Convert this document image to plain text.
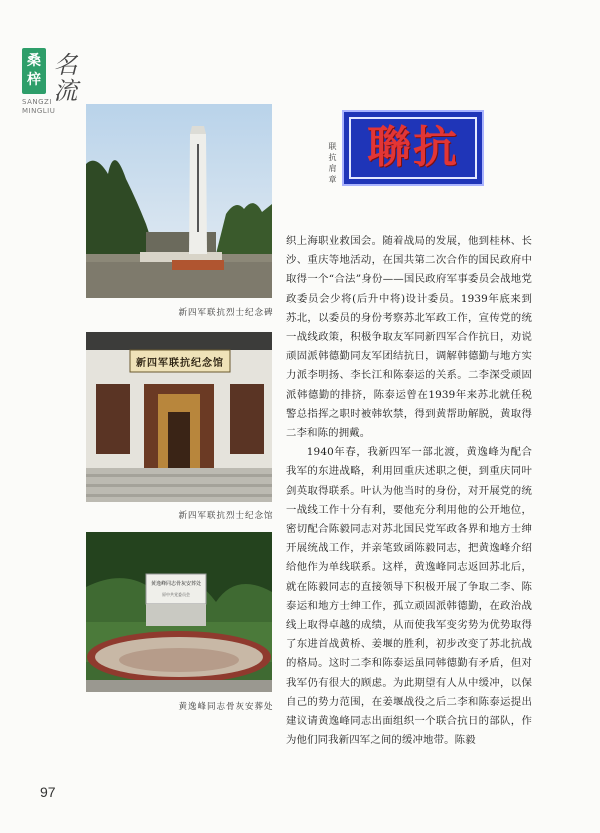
桑
梓 名流
SANGZI
MINGLIU
新四军联抗烈士纪念碑
新四军联抗纪念馆
新四军联抗烈士纪念馆
黄逸峰同志骨灰安葬处
原中共党委员会
黄逸峰同志骨灰安葬处
联抗肩章 聯抗

织上海职业救国会。随着战局的发展，他到桂林、长沙、重庆等地活动，在国共第二次合作的国民政府中取得一个“合法”身份——国民政府军事委员会战地党政委员会少将(后升中将)设计委员。1939年底来到苏北，以委员的身份考察苏北军政工作，宣传党的统一战线政策，积极争取友军同新四军合作抗日，劝说顽固派韩德勤同友军团结抗日，调解韩德勤与地方实力派李明扬、李长江和陈泰运的关系。二李深受顽固派韩德勤的排挤，陈泰运曾在1939年来苏北就任税警总指挥之职时被韩软禁，得到黄帮助解脱，黄取得二李和陈的拥戴。

1940年春，我新四军一部北渡，黄逸峰为配合我军的东进战略，利用回重庆述职之便，到重庆同叶剑英取得联系。叶认为他当时的身份，对开展党的统一战线工作十分有利，要他充分利用他的公开地位，密切配合陈毅同志对苏北国民党军政各界和地方士绅开展统战工作，并亲笔致函陈毅同志，把黄逸峰介绍给他作为单线联系。这样，黄逸峰同志返回苏北后，就在陈毅同志的直接领导下积极开展了争取二李、陈泰运和地方士绅工作，孤立顽固派韩德勤，在政治战线上取得卓越的成绩，从而使我军变劣势为优势取得了东进首战黄桥、姜堰的胜利，初步改变了苏北抗战的格局。这时二李和陈泰运虽同韩德勤有矛盾，但对我军仍有很大的顾虑。为此期望有人从中缓冲，以保自己的势力范围，在姜堰战役之后二李和陈泰运提出建议请黄逸峰同志出面组织一个联合抗日的部队，作为他们同我新四军之间的缓冲地带。陈毅

97
